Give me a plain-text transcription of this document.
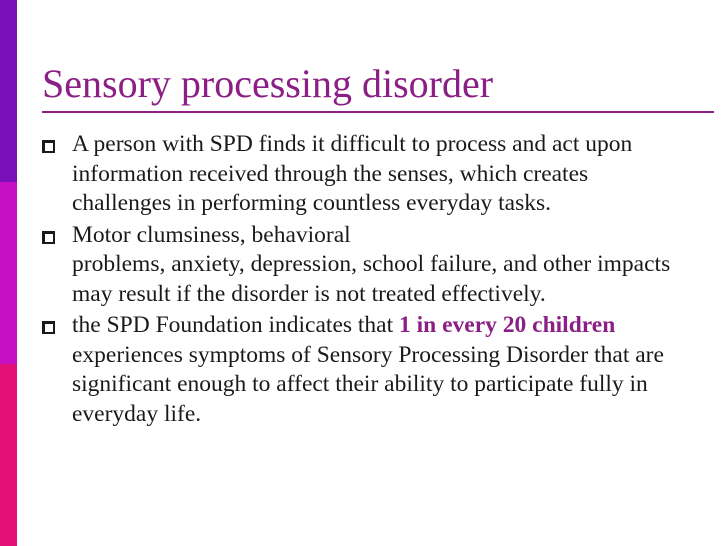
Sensory processing disorder
A person with SPD finds it difficult to process and act upon information received through the senses, which creates challenges in performing countless everyday tasks.
Motor clumsiness, behavioral
problems, anxiety, depression, school failure, and other impacts may result if the disorder is not treated effectively.
the SPD Foundation indicates that 1 in every 20 children experiences symptoms of Sensory Processing Disorder that are significant enough to affect their ability to participate fully in everyday life.
